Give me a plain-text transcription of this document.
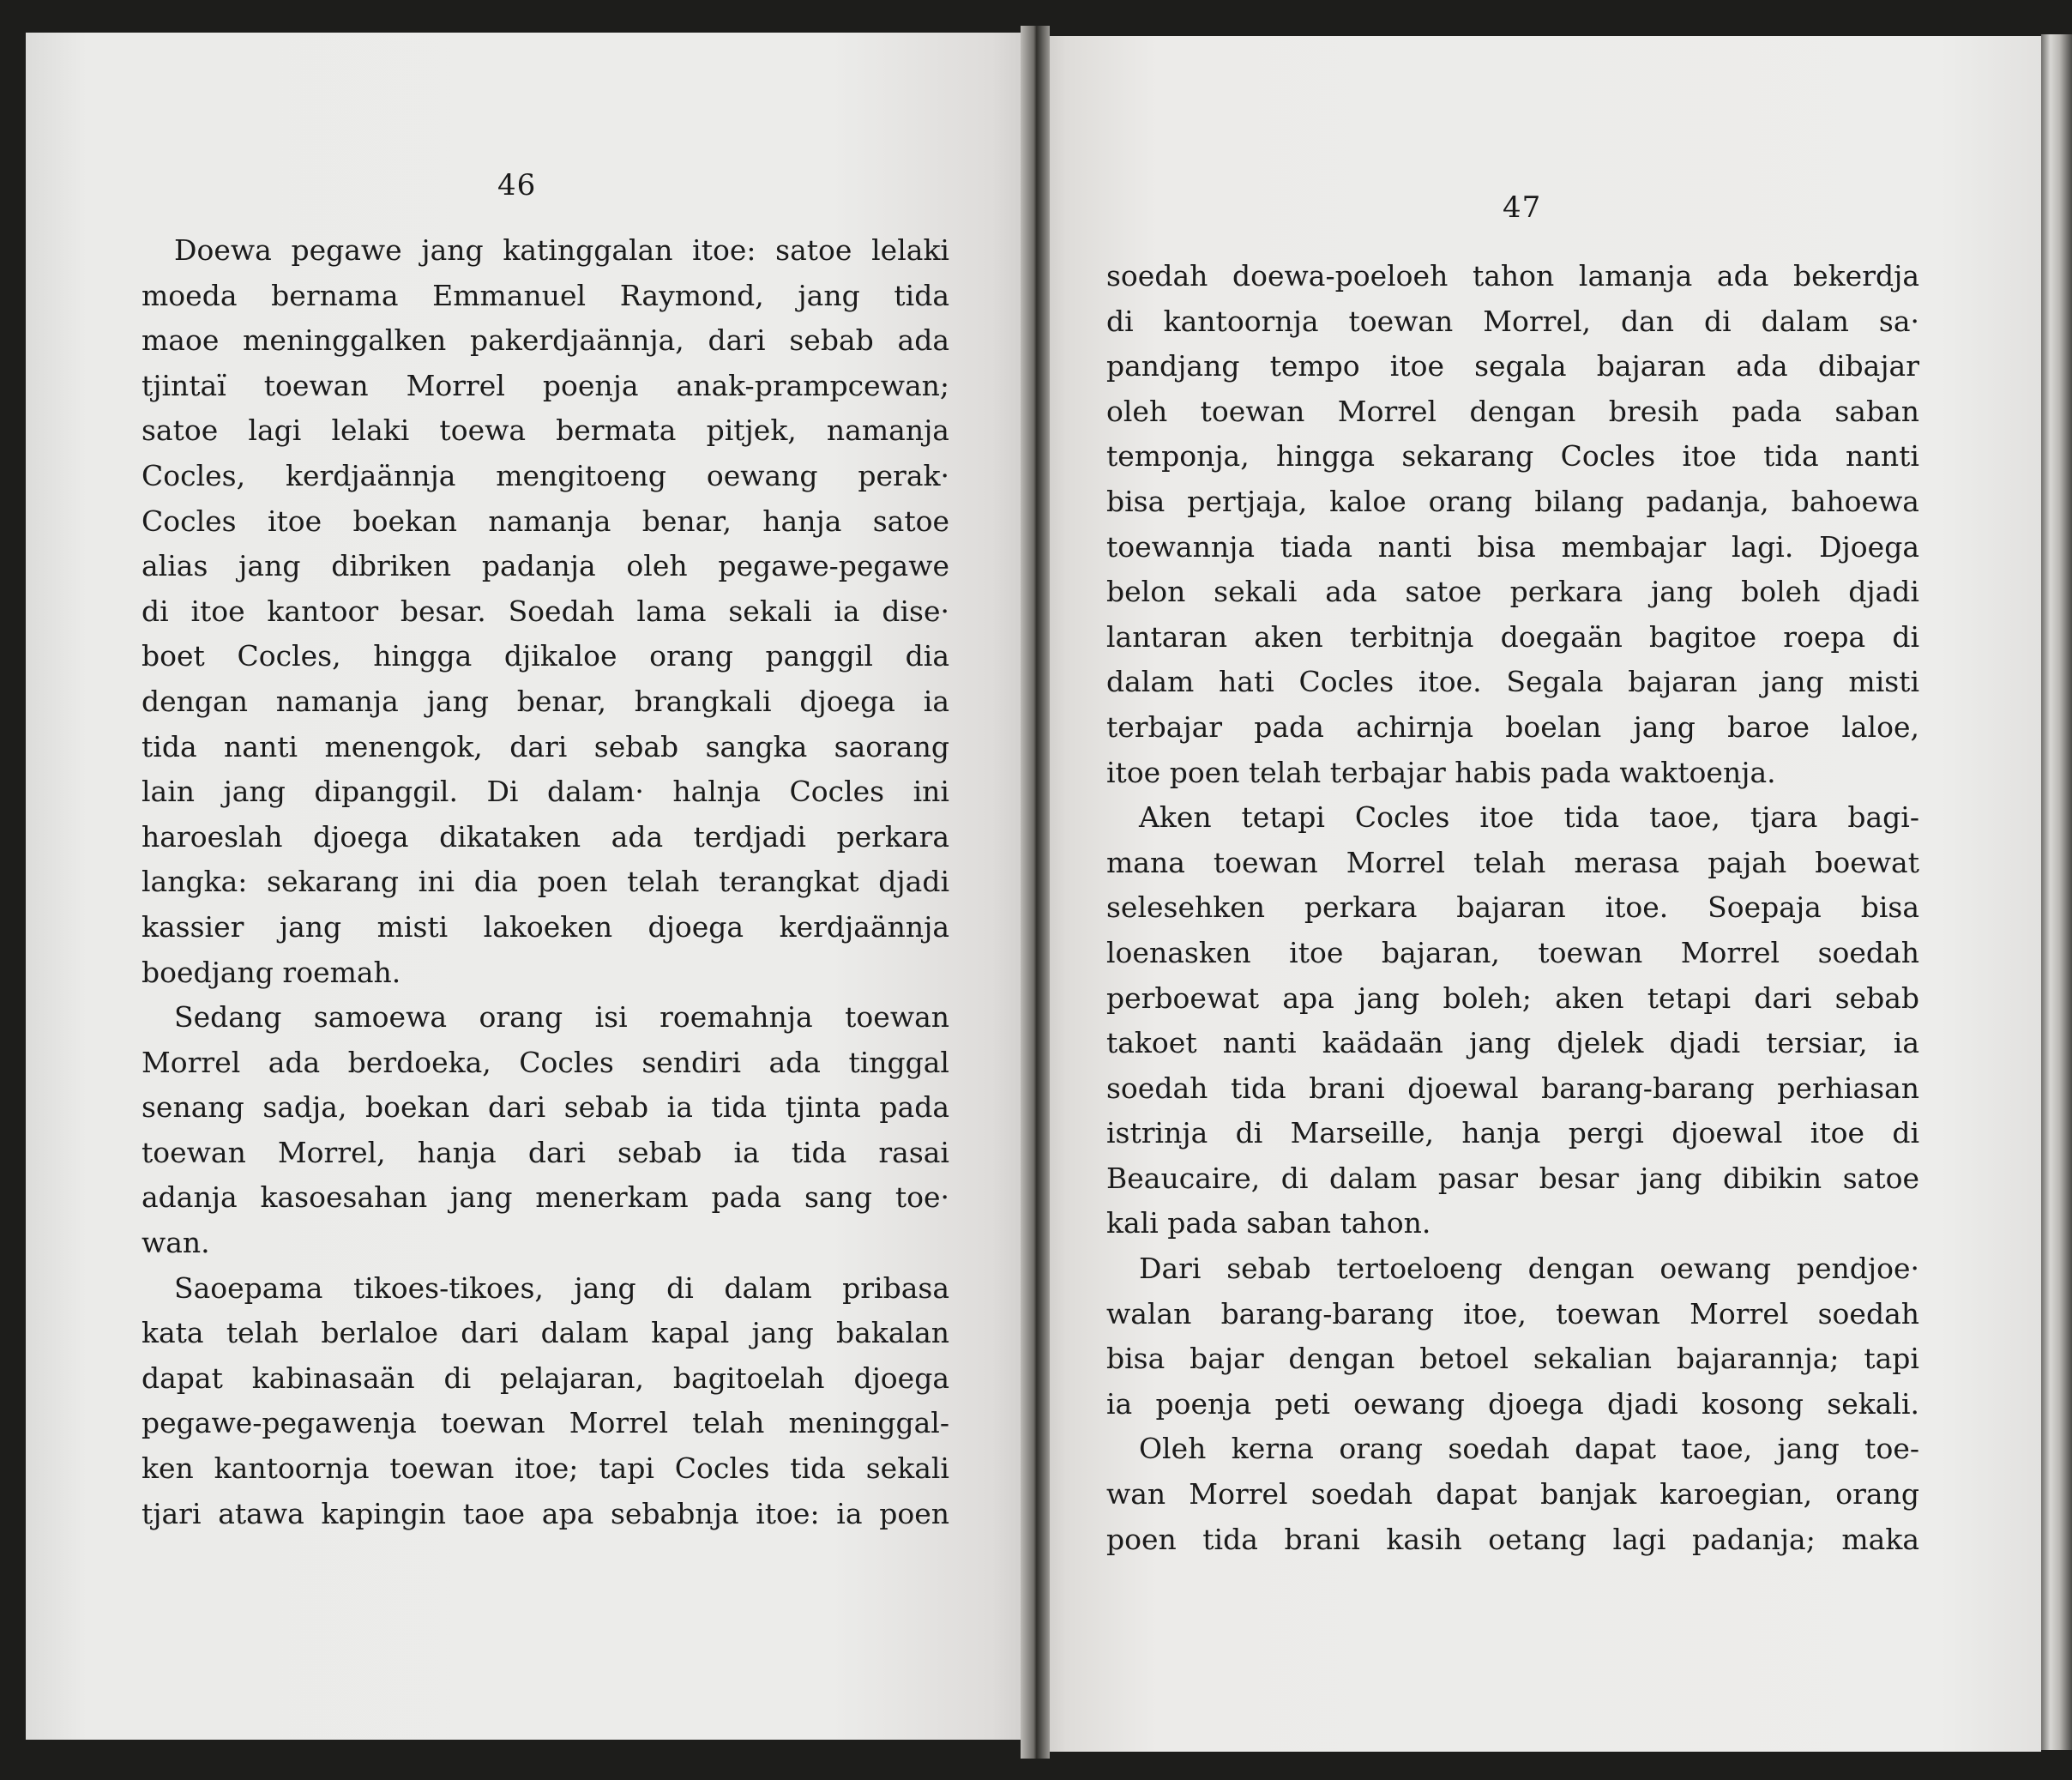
46
Doewa pegawe jang katinggalan itoe: satoe lelaki
moeda bernama Emmanuel Raymond, jang tida
maoe meninggalken pakerdjaännja, dari sebab ada
tjintaï toewan Morrel poenja anak-prampcewan;
satoe lagi lelaki toewa bermata pitjek, namanja
Cocles, kerdjaännja mengitoeng oewang perak·
Cocles itoe boekan namanja benar, hanja satoe
alias jang dibriken padanja oleh pegawe-pegawe
di itoe kantoor besar. Soedah lama sekali ia dise·
boet Cocles, hingga djikaloe orang panggil dia
dengan namanja jang benar, brangkali djoega ia
tida nanti menengok, dari sebab sangka saorang
lain jang dipanggil. Di dalam· halnja Cocles ini
haroeslah djoega dikataken ada terdjadi perkara
langka: sekarang ini dia poen telah terangkat djadi
kassier jang misti lakoeken djoega kerdjaännja
boedjang roemah.
Sedang samoewa orang isi roemahnja toewan
Morrel ada berdoeka, Cocles sendiri ada tinggal
senang sadja, boekan dari sebab ia tida tjinta pada
toewan Morrel, hanja dari sebab ia tida rasai
adanja kasoesahan jang menerkam pada sang toe·
wan.
Saoepama tikoes-tikoes, jang di dalam pribasa
kata telah berlaloe dari dalam kapal jang bakalan
dapat kabinasaän di pelajaran, bagitoelah djoega
pegawe-pegawenja toewan Morrel telah meninggal-
ken kantoornja toewan itoe; tapi Cocles tida sekali
tjari atawa kapingin taoe apa sebabnja itoe: ia poen
47
soedah doewa-poeloeh tahon lamanja ada bekerdja
di kantoornja toewan Morrel, dan di dalam sa·
pandjang tempo itoe segala bajaran ada dibajar
oleh toewan Morrel dengan bresih pada saban
temponja, hingga sekarang Cocles itoe tida nanti
bisa pertjaja, kaloe orang bilang padanja, bahoewa
toewannja tiada nanti bisa membajar lagi. Djoega
belon sekali ada satoe perkara jang boleh djadi
lantaran aken terbitnja doegaän bagitoe roepa di
dalam hati Cocles itoe. Segala bajaran jang misti
terbajar pada achirnja boelan jang baroe laloe,
itoe poen telah terbajar habis pada waktoenja.
Aken tetapi Cocles itoe tida taoe, tjara bagi-
mana toewan Morrel telah merasa pajah boewat
selesehken perkara bajaran itoe. Soepaja bisa
loenasken itoe bajaran, toewan Morrel soedah
perboewat apa jang boleh; aken tetapi dari sebab
takoet nanti kaädaän jang djelek djadi tersiar, ia
soedah tida brani djoewal barang-barang perhiasan
istrinja di Marseille, hanja pergi djoewal itoe di
Beaucaire, di dalam pasar besar jang dibikin satoe
kali pada saban tahon.
Dari sebab tertoeloeng dengan oewang pendjoe·
walan barang-barang itoe, toewan Morrel soedah
bisa bajar dengan betoel sekalian bajarannja; tapi
ia poenja peti oewang djoega djadi kosong sekali.
Oleh kerna orang soedah dapat taoe, jang toe-
wan Morrel soedah dapat banjak karoegian, orang
poen tida brani kasih oetang lagi padanja; maka
